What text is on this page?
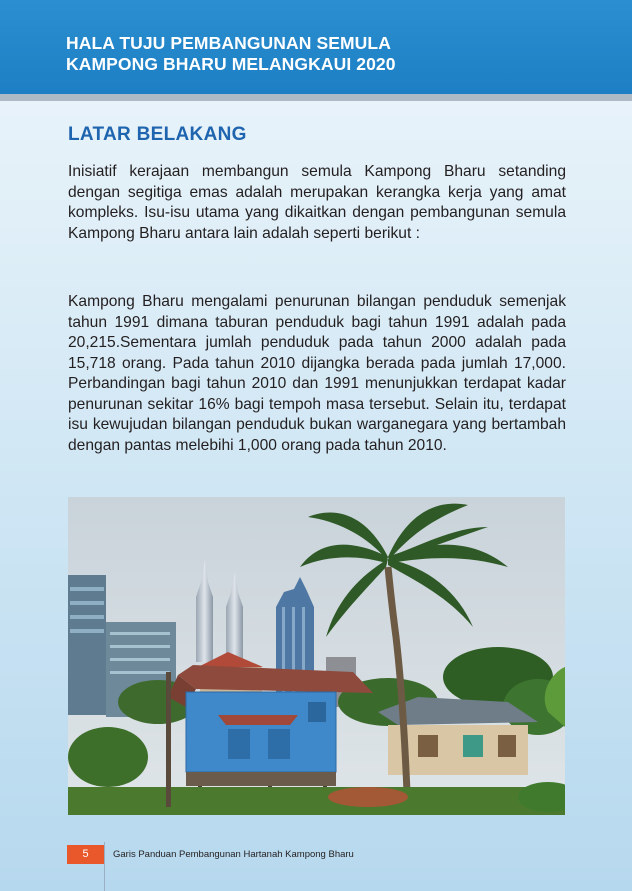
HALA TUJU PEMBANGUNAN SEMULA
KAMPONG BHARU MELANGKAUI 2020
LATAR BELAKANG

Inisiatif kerajaan membangun semula Kampong Bharu setanding dengan segitiga emas adalah merupakan kerangka kerja yang amat kompleks. Isu-isu utama yang dikaitkan dengan pembangunan semula Kampong Bharu antara lain adalah seperti berikut :

Kampong Bharu mengalami penurunan bilangan penduduk semenjak tahun 1991 dimana taburan penduduk bagi tahun 1991 adalah pada 20,215.Sementara jumlah penduduk pada tahun 2000 adalah pada 15,718 orang. Pada tahun 2010 dijangka berada pada jumlah 17,000. Perbandingan bagi tahun 2010 dan 1991 menunjukkan terdapat kadar penurunan sekitar 16% bagi tempoh masa tersebut. Selain itu, terdapat isu kewujudan bilangan penduduk bukan warganegara yang bertambah dengan pantas melebihi 1,000 orang pada tahun 2010.

5	Garis Panduan Pembangunan Hartanah Kampong Bharu
